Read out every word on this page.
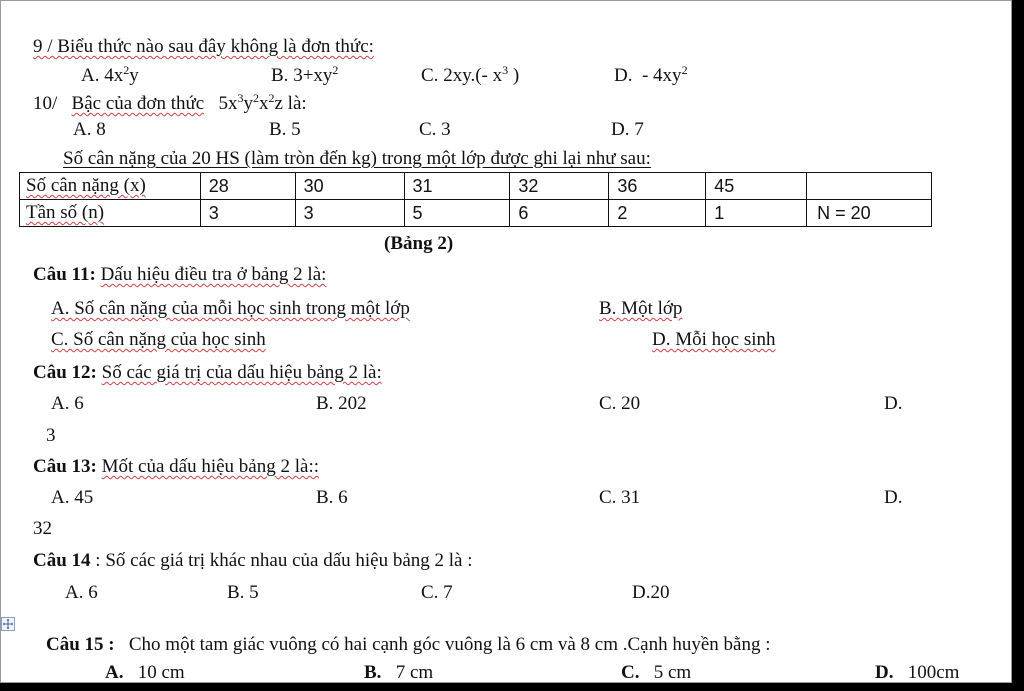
9 / Biểu thức nào sau đây không là đơn thức:
A. $4x^2y$	B. $3+xy^2$	C. 2xy.(- $x^3$ )	D. - $4xy^2$
10/ Bậc của đơn thức $5x^3y^2x^2z$ là:
A. 8	B. 5	C. 3	D. 7
Số cân nặng của 20 HS (làm tròn đến kg) trong một lớp được ghi lại như sau:
Số cân nặng (x)	28	30	31	32	36	45	
Tần số (n)	3	3	5	6	2	1	N = 20
(Bảng 2)
Câu 11: Dấu hiệu điều tra ở bảng 2 là:
A. Số cân nặng của mỗi học sinh trong một lớp	B. Một lớp
C. Số cân nặng của học sinh	D. Mỗi học sinh
Câu 12: Số các giá trị của dấu hiệu bảng 2 là:
A. 6	B. 202	C. 20	D.
3
Câu 13: Mốt của dấu hiệu bảng 2 là::
A. 45	B. 6	C. 31	D.
32
Câu 14 : Số các giá trị khác nhau của dấu hiệu bảng 2 là :
A. 6	B. 5	C. 7	D.20
Câu 15 : Cho một tam giác vuông có hai cạnh góc vuông là 6 cm và 8 cm .Cạnh huyền bằng :
A. 10 cm	B. 7 cm	C. 5 cm	D. 100cm
